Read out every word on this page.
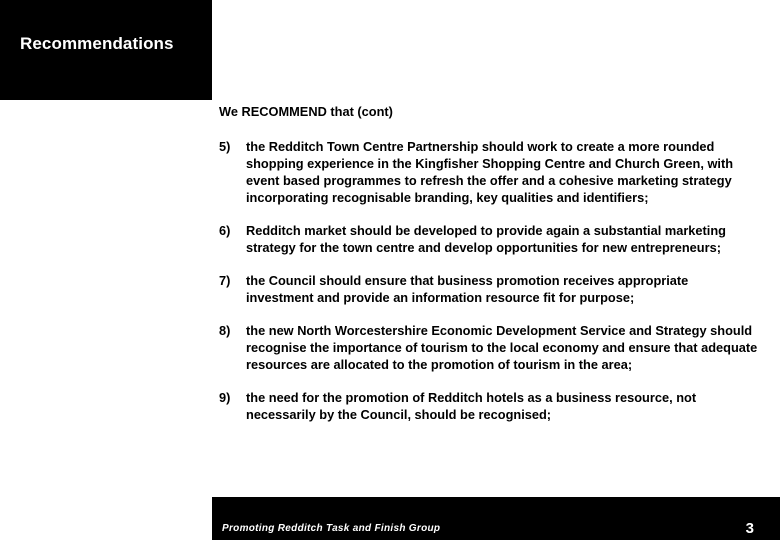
Recommendations
We RECOMMEND that (cont)
5)	the Redditch Town Centre Partnership should work to create a more rounded shopping experience in the Kingfisher Shopping Centre and Church Green, with event based programmes to refresh the offer and a cohesive marketing strategy incorporating recognisable branding, key qualities and identifiers;
6)	Redditch market should be developed to provide again a substantial marketing strategy for the town centre and develop opportunities for new entrepreneurs;
7)	the Council should ensure that business promotion receives appropriate investment and provide an information resource fit for purpose;
8)	the new North Worcestershire Economic Development Service and Strategy should recognise the importance of tourism to the local economy and ensure that adequate resources are allocated to the promotion of tourism in the area;
9)	the need for the promotion of Redditch hotels as a business resource, not necessarily by the Council, should be recognised;
Promoting Redditch Task and Finish Group	3
